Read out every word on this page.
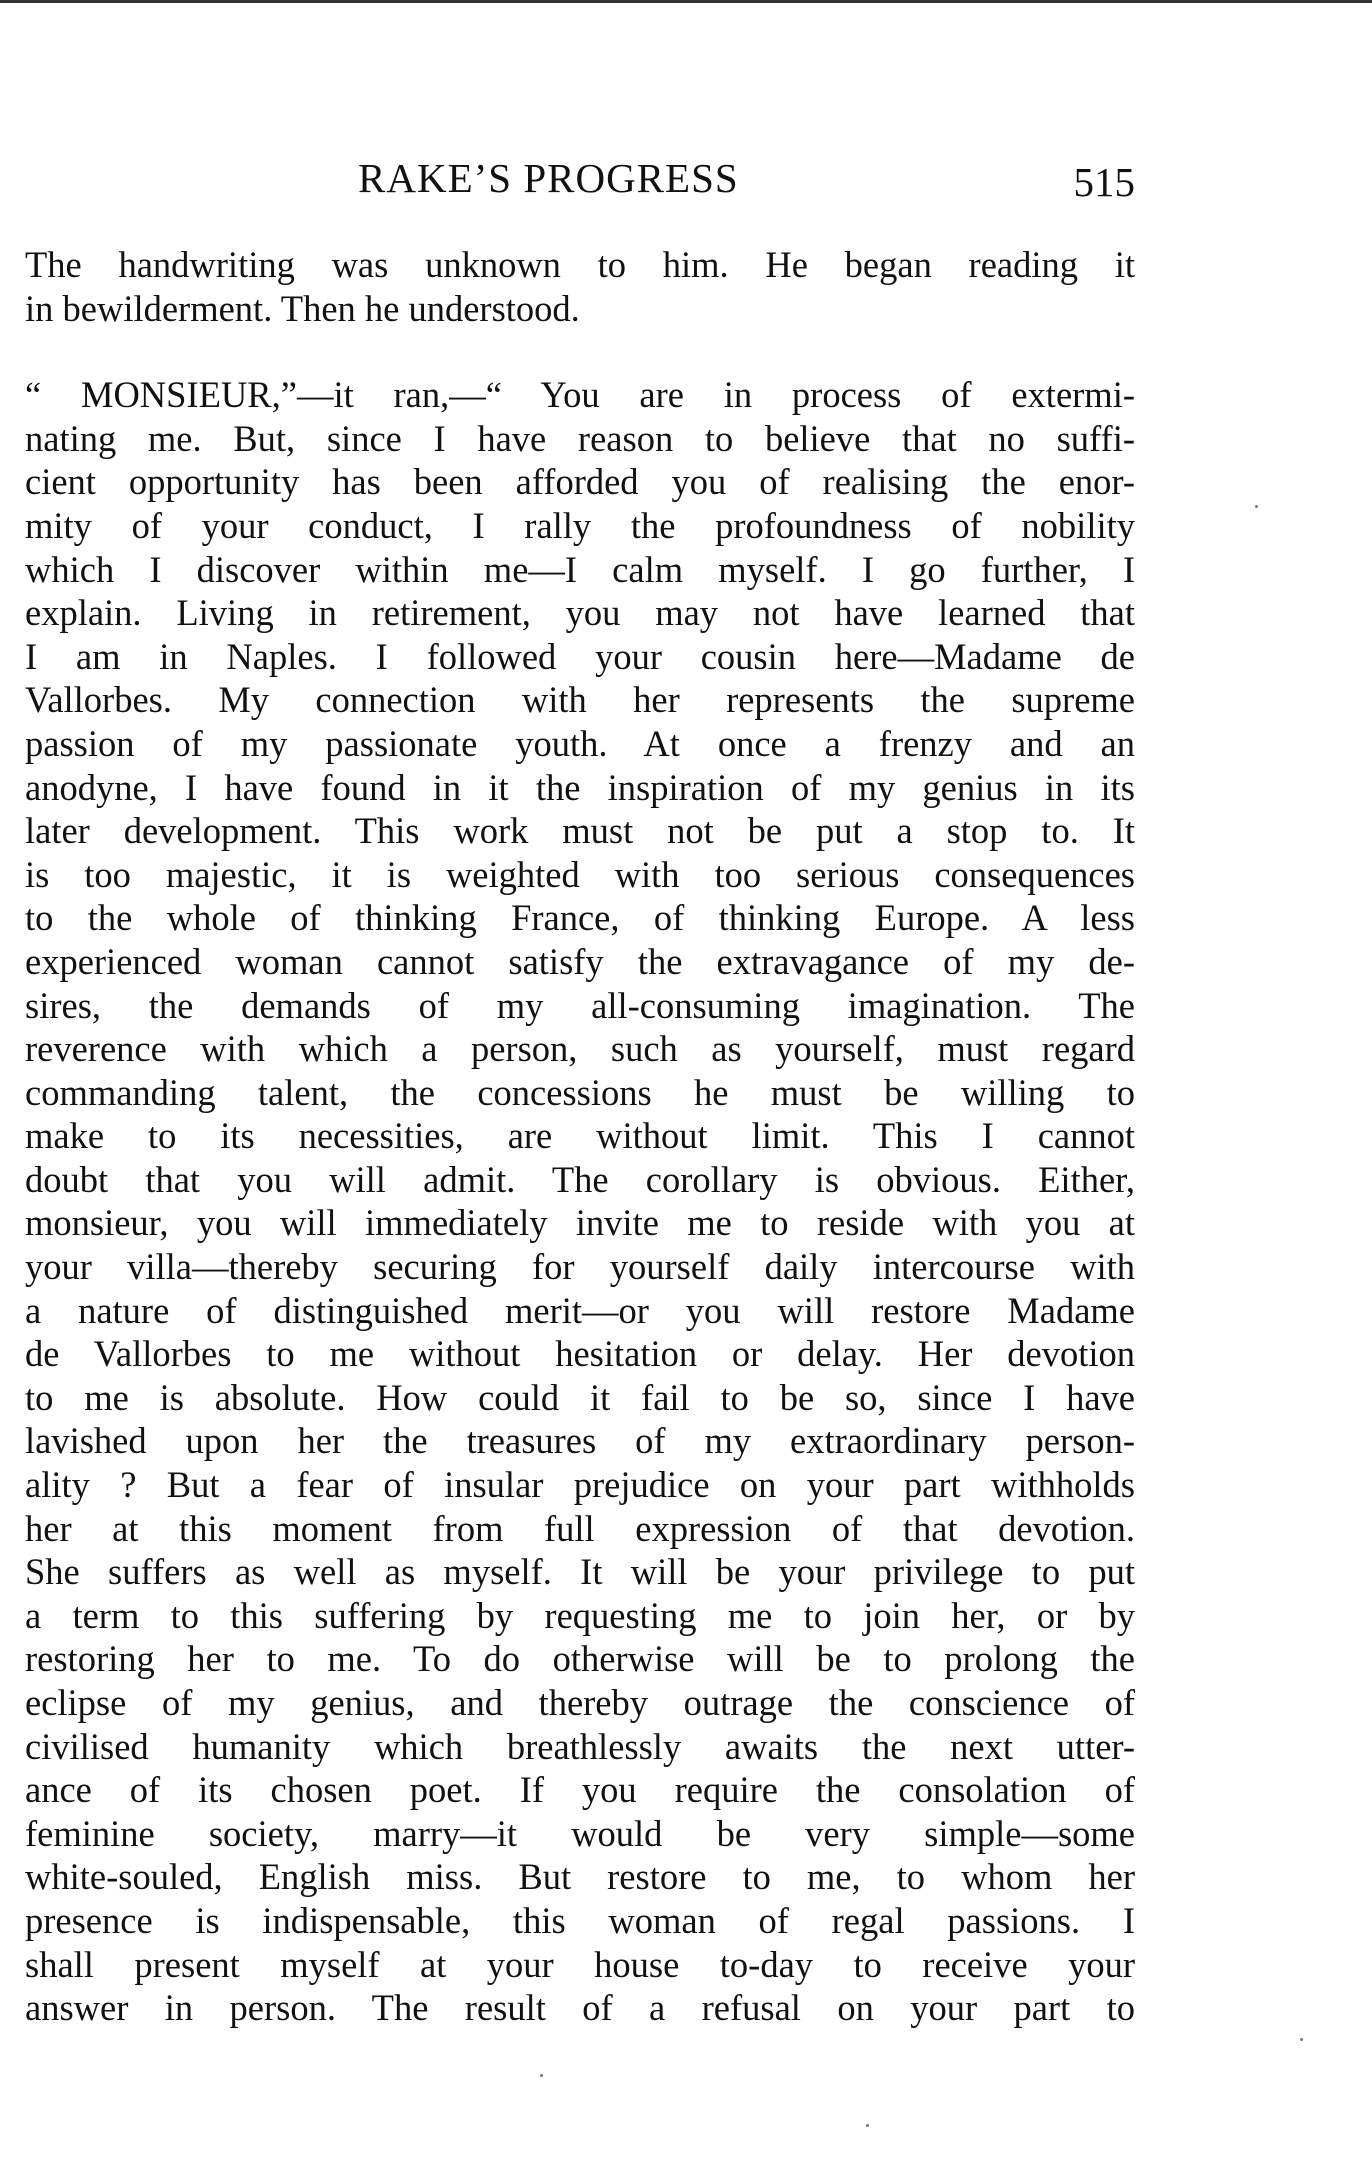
RAKE’S PROGRESS	515
The handwriting was unknown to him. He began reading it
in bewilderment. Then he understood.
“ MONSIEUR,”—it ran,—“ You are in process of extermi-
nating me. But, since I have reason to believe that no suffi-
cient opportunity has been afforded you of realising the enor-
mity of your conduct, I rally the profoundness of nobility
which I discover within me—I calm myself. I go further, I
explain. Living in retirement, you may not have learned that
I am in Naples. I followed your cousin here—Madame de
Vallorbes. My connection with her represents the supreme
passion of my passionate youth. At once a frenzy and an
anodyne, I have found in it the inspiration of my genius in its
later development. This work must not be put a stop to. It
is too majestic, it is weighted with too serious consequences
to the whole of thinking France, of thinking Europe. A less
experienced woman cannot satisfy the extravagance of my de-
sires, the demands of my all-consuming imagination. The
reverence with which a person, such as yourself, must regard
commanding talent, the concessions he must be willing to
make to its necessities, are without limit. This I cannot
doubt that you will admit. The corollary is obvious. Either,
monsieur, you will immediately invite me to reside with you at
your villa—thereby securing for yourself daily intercourse with
a nature of distinguished merit—or you will restore Madame
de Vallorbes to me without hesitation or delay. Her devotion
to me is absolute. How could it fail to be so, since I have
lavished upon her the treasures of my extraordinary person-
ality ? But a fear of insular prejudice on your part withholds
her at this moment from full expression of that devotion.
She suffers as well as myself. It will be your privilege to put
a term to this suffering by requesting me to join her, or by
restoring her to me. To do otherwise will be to prolong the
eclipse of my genius, and thereby outrage the conscience of
civilised humanity which breathlessly awaits the next utter-
ance of its chosen poet. If you require the consolation of
feminine society, marry—it would be very simple—some
white-souled, English miss. But restore to me, to whom her
presence is indispensable, this woman of regal passions. I
shall present myself at your house to-day to receive your
answer in person. The result of a refusal on your part to
